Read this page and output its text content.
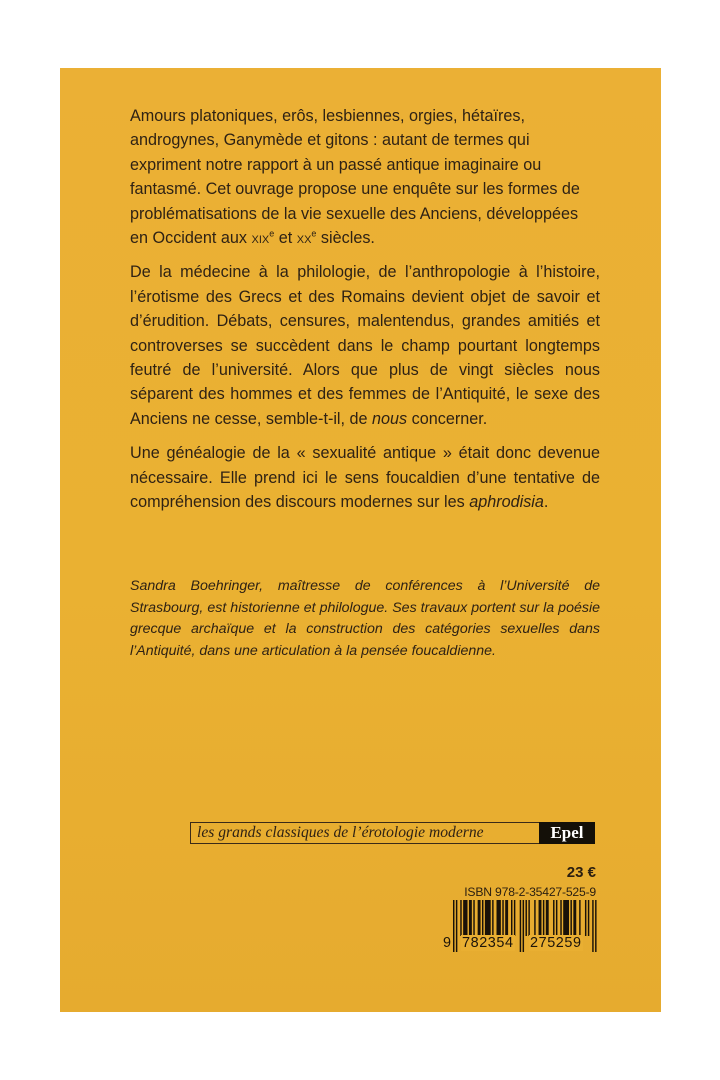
Amours platoniques, erôs, lesbiennes, orgies, hétaïres, androgynes, Ganymède et gitons : autant de termes qui expriment notre rapport à un passé antique imaginaire ou fantasmé. Cet ouvrage propose une enquête sur les formes de problématisations de la vie sexuelle des Anciens, développées en Occident aux xix$^e$ et $xx^e$ siècles.

De la médecine à la philologie, de l’anthropologie à l’histoire, l’érotisme des Grecs et des Romains devient objet de savoir et d’érudition. Débats, censures, malentendus, grandes amitiés et controverses se succèdent dans le champ pourtant longtemps feutré de l’université. Alors que plus de vingt siècles nous séparent des hommes et des femmes de l’Antiquité, le sexe des Anciens ne cesse, semble-t-il, de nous concerner.

Une généalogie de la « sexualité antique » était donc devenue nécessaire. Elle prend ici le sens foucaldien d’une tentative de compréhension des discours modernes sur les aphrodisia.

Sandra Boehringer, maîtresse de conférences à l’Université de Strasbourg, est historienne et philologue. Ses travaux portent sur la poésie grecque archaïque et la construction des catégories sexuelles dans l’Antiquité, dans une articulation à la pensée foucaldienne.
les grands classiques de l’érotologie moderne	Epel
23 €
ISBN 978-2-35427-525-9
9 782354 275259
